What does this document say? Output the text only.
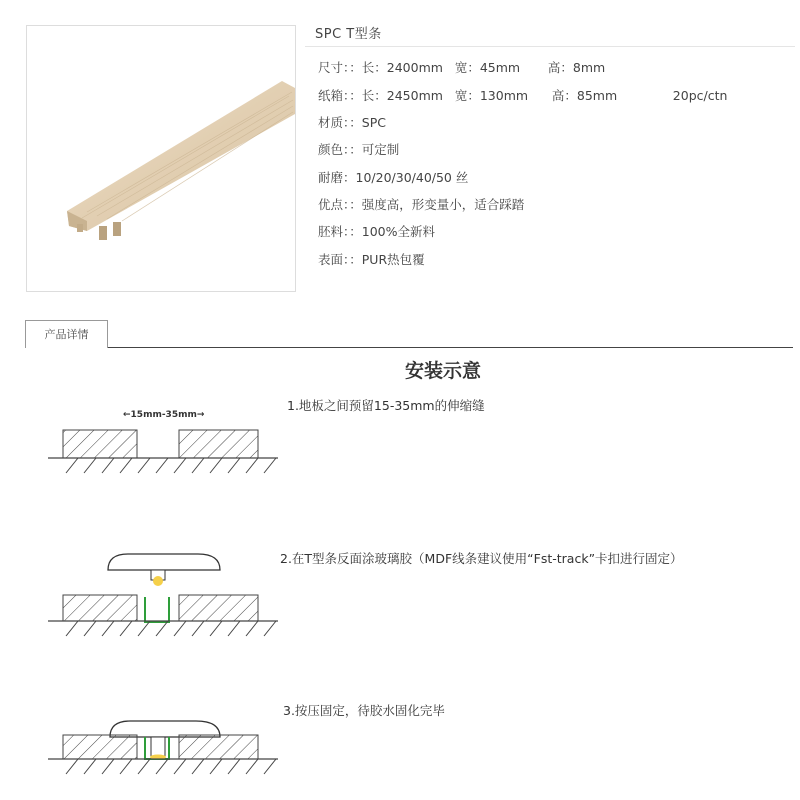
SPC T型条
尺寸：：长：2400mm   宽：45mm       高：8mm
纸箱：：长：2450mm   宽：130mm      高：85mm              20pc/ctn
材质：：SPC
颜色：：可定制
耐磨：10/20/30/40/50 丝
优点：：强度高，形变量小，适合踩踏
胚料：：100%全新料
表面：：PUR热包覆
产品详情
安装示意
1.地板之间预留15-35mm的伸缩缝
←15mm-35mm→
2.在T型条反面涂玻璃胶（MDF线条建议使用“Fst-track”卡扣进行固定）
3.按压固定，待胶水固化完毕
